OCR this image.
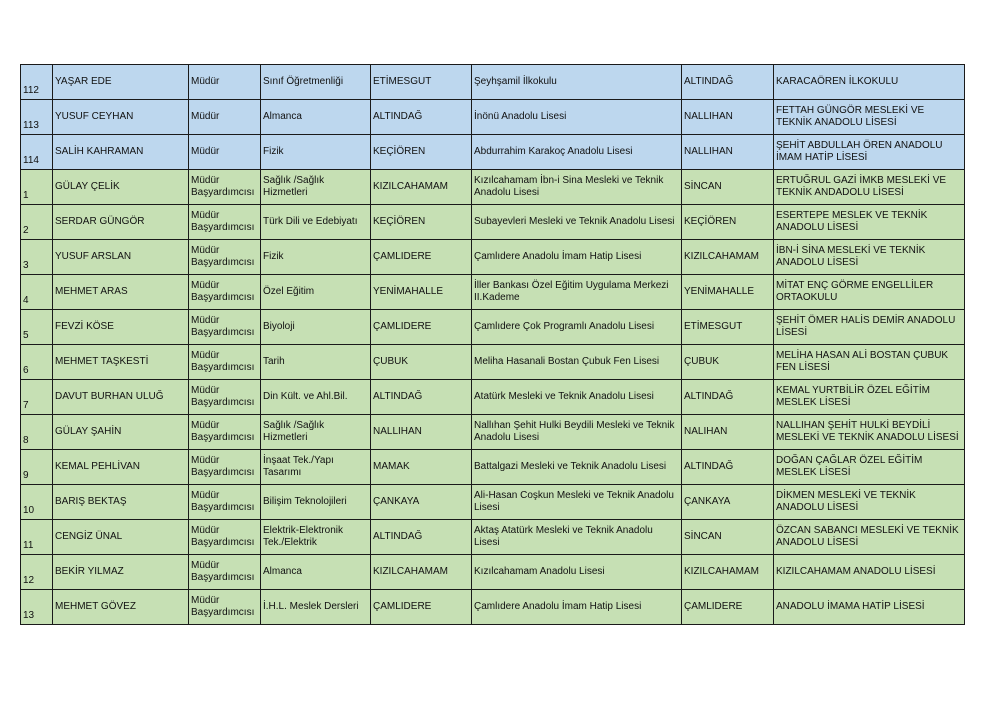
112	YAŞAR EDE	Müdür	Sınıf Öğretmenliği	ETİMESGUT	Şeyhşamil İlkokulu	ALTINDAĞ	KARACAÖREN İLKOKULU
113	YUSUF CEYHAN	Müdür	Almanca	ALTINDAĞ	İnönü Anadolu Lisesi	NALLIHAN	FETTAH GÜNGÖR MESLEKİ VE TEKNİK ANADOLU LİSESİ
114	SALİH KAHRAMAN	Müdür	Fizik	KEÇİÖREN	Abdurrahim Karakoç Anadolu Lisesi	NALLIHAN	ŞEHİT ABDULLAH ÖREN ANADOLU İMAM HATİP LİSESİ
1	GÜLAY ÇELİK	Müdür Başyardımcısı	Sağlık /Sağlık Hizmetleri	KIZILCAHAMAM	Kızılcahamam İbn-i Sina Mesleki ve Teknik Anadolu Lisesi	SİNCAN	ERTUĞRUL GAZİ İMKB MESLEKİ VE TEKNİK ANDADOLU LİSESİ
2	SERDAR GÜNGÖR	Müdür Başyardımcısı	Türk Dili ve Edebiyatı	KEÇİÖREN	Subayevleri Mesleki ve Teknik Anadolu Lisesi	KEÇİÖREN	ESERTEPE MESLEK VE TEKNİK ANADOLU LİSESİ
3	YUSUF ARSLAN	Müdür Başyardımcısı	Fizik	ÇAMLIDERE	Çamlıdere Anadolu İmam Hatip Lisesi	KIZILCAHAMAM	İBN-İ SİNA MESLEKİ VE TEKNİK ANADOLU LİSESİ
4	MEHMET ARAS	Müdür Başyardımcısı	Özel Eğitim	YENİMAHALLE	İller Bankası Özel Eğitim Uygulama Merkezi II.Kademe	YENİMAHALLE	MİTAT ENÇ GÖRME ENGELLİLER ORTAOKULU
5	FEVZİ KÖSE	Müdür Başyardımcısı	Biyoloji	ÇAMLIDERE	Çamlıdere Çok Programlı Anadolu Lisesi	ETİMESGUT	ŞEHİT ÖMER HALİS DEMİR ANADOLU LİSESİ
6	MEHMET TAŞKESTİ	Müdür Başyardımcısı	Tarih	ÇUBUK	Meliha Hasanali Bostan Çubuk Fen Lisesi	ÇUBUK	MELİHA HASAN ALİ BOSTAN ÇUBUK FEN LİSESİ
7	DAVUT BURHAN ULUĞ	Müdür Başyardımcısı	Din Kült. ve Ahl.Bil.	ALTINDAĞ	Atatürk Mesleki ve Teknik Anadolu Lisesi	ALTINDAĞ	KEMAL YURTBİLİR ÖZEL EĞİTİM MESLEK LİSESİ
8	GÜLAY ŞAHİN	Müdür Başyardımcısı	Sağlık /Sağlık Hizmetleri	NALLIHAN	Nallıhan Şehit Hulki Beydili Mesleki ve Teknik Anadolu Lisesi	NALIHAN	NALLIHAN ŞEHİT HULKİ BEYDİLİ MESLEKİ VE TEKNİK ANADOLU LİSESİ
9	KEMAL PEHLİVAN	Müdür Başyardımcısı	İnşaat Tek./Yapı Tasarımı	MAMAK	Battalgazi Mesleki ve Teknik Anadolu Lisesi	ALTINDAĞ	DOĞAN ÇAĞLAR ÖZEL EĞİTİM MESLEK LİSESİ
10	BARIŞ BEKTAŞ	Müdür Başyardımcısı	Bilişim Teknolojileri	ÇANKAYA	Ali-Hasan Coşkun Mesleki ve Teknik Anadolu Lisesi	ÇANKAYA	DİKMEN MESLEKİ VE TEKNİK ANADOLU LİSESİ
11	CENGİZ ÜNAL	Müdür Başyardımcısı	Elektrik-Elektronik Tek./Elektrik	ALTINDAĞ	Aktaş Atatürk Mesleki ve Teknik Anadolu Lisesi	SİNCAN	ÖZCAN SABANCI MESLEKİ VE TEKNİK ANADOLU LİSESİ
12	BEKİR YILMAZ	Müdür Başyardımcısı	Almanca	KIZILCAHAMAM	Kızılcahamam Anadolu Lisesi	KIZILCAHAMAM	KIZILCAHAMAM ANADOLU LİSESİ
13	MEHMET GÖVEZ	Müdür Başyardımcısı	İ.H.L. Meslek Dersleri	ÇAMLIDERE	Çamlıdere Anadolu İmam Hatip Lisesi	ÇAMLIDERE	ANADOLU İMAMA HATİP LİSESİ
